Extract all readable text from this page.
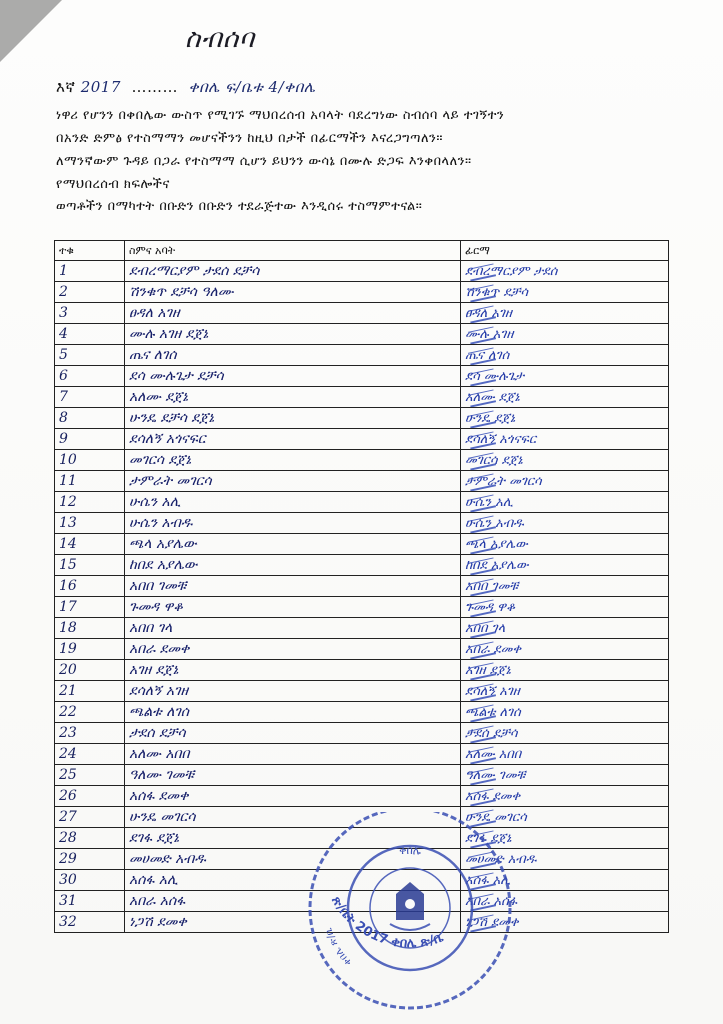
ስብሰባ
እኛ 2017  ………  ቀበሌ ፍ/ቤቱ 4/ቀበሌ
ነዋሪ የሆንን በቀበሌው ውስጥ የሚገኙ ማህበረሰብ አባላት ባደረግነው ስብሰባ ላይ ተገኝተን
በአንድ ድምፅ የተስማማን መሆናችንን ከዚህ በታች በፊርማችን እናረጋግጣለን።
ለማንኛውም ጉዳይ በጋራ የተስማማ ሲሆን ይህንን ውሳኔ በሙሉ ድጋፍ እንቀበላለን።
የማህበረሰብ ክፍሎችና
ወጣቶችን በማካተት በቡድን በቡድን ተደራጅተው እንዲሰሩ ተስማምተናል።
ተቁ	ስምና አባት	ፊርማ
1	ደብረማርያም ታደሰ ደቻሳ	ደብረማርያም ታደሰ
2	ሽንቁጥ ደቻሳ ዓለሙ	ሽንቁጥ ደቻሳ
3	ፀዳለ አገዘ	ፀዳለ አገዘ
4	ሙሉ አገዘ ደጀኔ	ሙሉ አገዘ
5	ጤና ለገሰ	ጤና ለገሰ
6	ደሳ ሙሉጌታ ደቻሳ	ደሳ ሙሉጌታ
7	አለሙ ደጀኔ	አለሙ ደጀኔ
8	ሁንዴ ደቻሳ ደጀኔ	ሁንዴ ደጀኔ
9	ደሳለኝ አጎናፍር	ደሳለኝ አጎናፍር
10	መገርሳ ደጀኔ	መገርሳ ደጀኔ
11	ታምራት መገርሳ	ታምራት መገርሳ
12	ሁሴን አሊ	ሁሴን አሊ
13	ሁሴን አብዱ	ሁሴን አብዱ
14	ጫላ አያሌው	ጫላ አያሌው
15	ከበደ አያሌው	ከበደ አያሌው
16	አበበ ገመቹ	አበበ ገመቹ
17	ጉመዳ ዋቆ	ጉመዳ ዋቆ
18	አበበ ገላ	አበበ ገላ
19	አበራ ደመቀ	አበራ ደመቀ
20	አገዘ ደጀኔ	አገዘ ደጀኔ
21	ደሳለኝ አገዘ	ደሳለኝ አገዘ
22	ጫልቱ ለገሰ	ጫልቱ ለገሰ
23	ታደሰ ደቻሳ	ታደሰ ደቻሳ
24	አለሙ አበበ	አለሙ አበበ
25	ዓለሙ ገመቹ	ዓለሙ ገመቹ
26	አሰፋ ደመቀ	አሰፋ ደመቀ
27	ሁንዴ መገርሳ	ሁንዴ መገርሳ
28	ደገፋ ደጀኔ	ደገፋ ደጀኔ
29	መሀመድ አብዱ	መሀመድ አብዱ
30	አሰፋ አሊ	አሰፋ አሊ
31	አበራ አሰፋ	አበራ አሰፋ
32	ነጋሽ ደመቀ	ነጋሽ ደመቀ
ቀበሌ
ቀበሌ ጽ/ቤ
ጽ/ቤት 2017 ቀበሌ ጽ/ቤ
